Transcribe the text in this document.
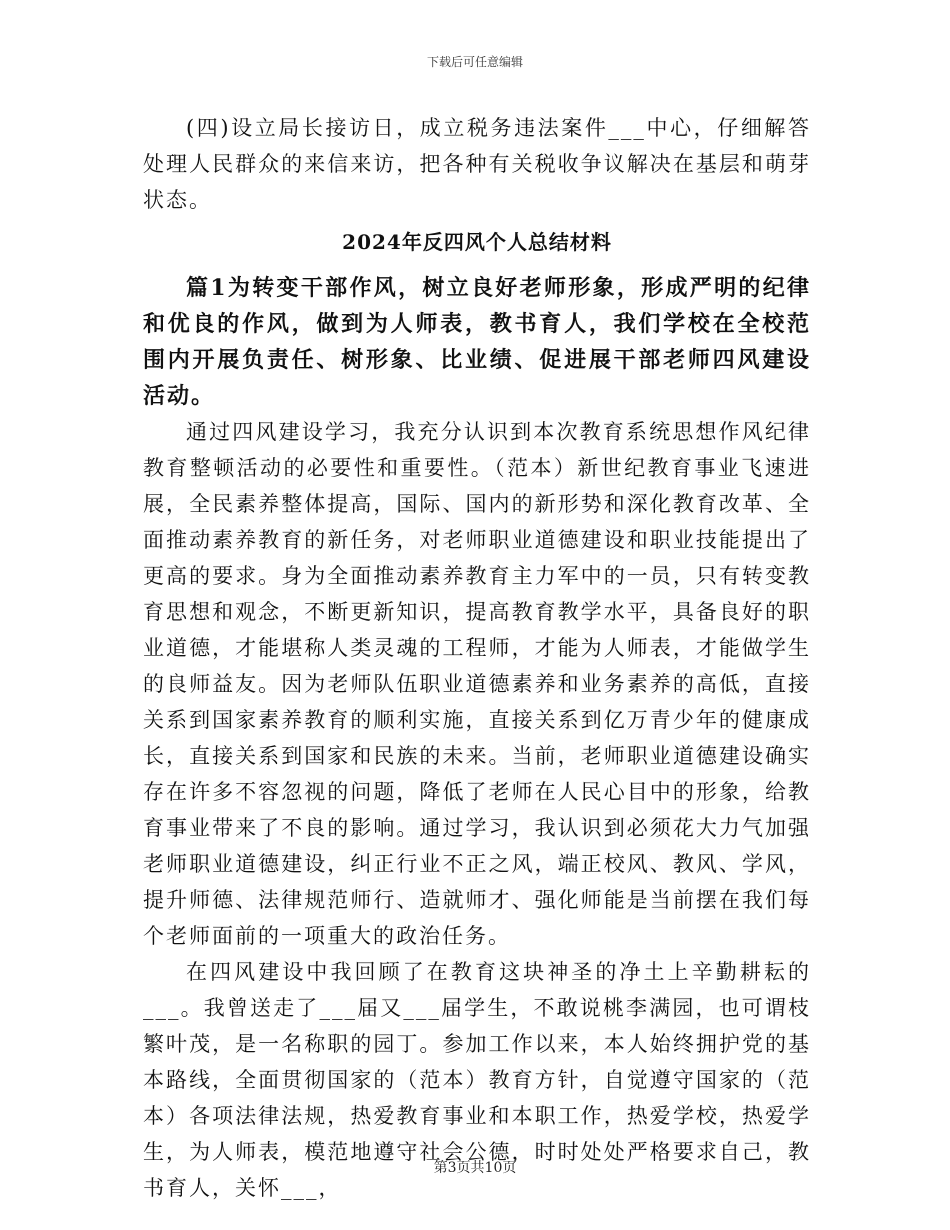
下载后可任意编辑

(四)设立局长接访日，成立税务违法案件___中心，仔细解答处理人民群众的来信来访，把各种有关税收争议解决在基层和萌芽状态。

2024年反四风个人总结材料

篇1为转变干部作风，树立良好老师形象，形成严明的纪律和优良的作风，做到为人师表，教书育人，我们学校在全校范围内开展负责任、树形象、比业绩、促进展干部老师四风建设活动。

通过四风建设学习，我充分认识到本次教育系统思想作风纪律教育整顿活动的必要性和重要性。（范本）新世纪教育事业飞速进展，全民素养整体提高，国际、国内的新形势和深化教育改革、全面推动素养教育的新任务，对老师职业道德建设和职业技能提出了更高的要求。身为全面推动素养教育主力军中的一员，只有转变教育思想和观念，不断更新知识，提高教育教学水平，具备良好的职业道德，才能堪称人类灵魂的工程师，才能为人师表，才能做学生的良师益友。因为老师队伍职业道德素养和业务素养的高低，直接关系到国家素养教育的顺利实施，直接关系到亿万青少年的健康成长，直接关系到国家和民族的未来。当前，老师职业道德建设确实存在许多不容忽视的问题，降低了老师在人民心目中的形象，给教育事业带来了不良的影响。通过学习，我认识到必须花大力气加强老师职业道德建设，纠正行业不正之风，端正校风、教风、学风，提升师德、法律规范师行、造就师才、强化师能是当前摆在我们每个老师面前的一项重大的政治任务。

在四风建设中我回顾了在教育这块神圣的净土上辛勤耕耘的___。我曾送走了___届又___届学生，不敢说桃李满园，也可谓枝繁叶茂，是一名称职的园丁。参加工作以来，本人始终拥护党的基本路线，全面贯彻国家的（范本）教育方针，自觉遵守国家的（范本）各项法律法规，热爱教育事业和本职工作，热爱学校，热爱学生，为人师表，模范地遵守社会公德，时时处处严格要求自己，教书育人，关怀___，

第3页共10页
